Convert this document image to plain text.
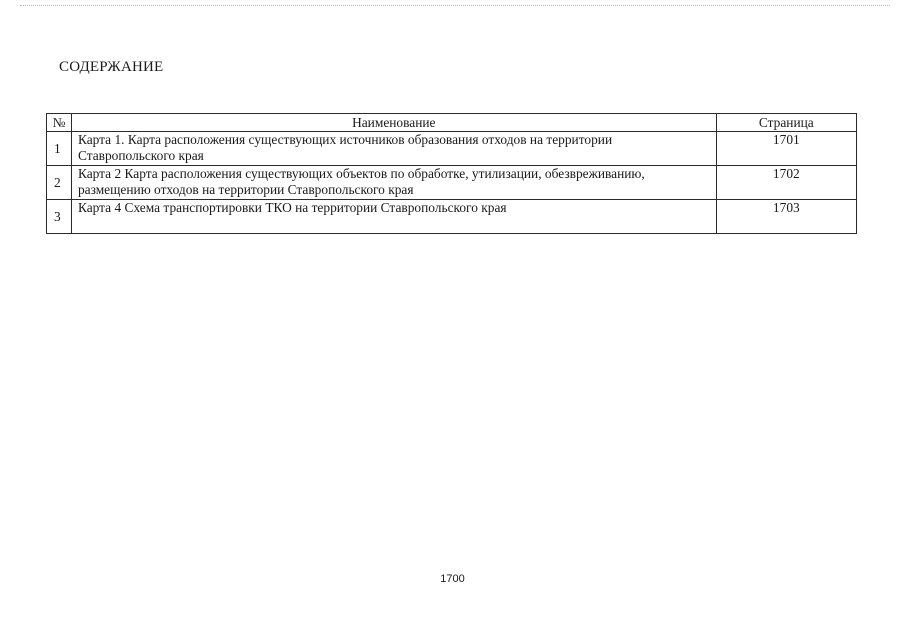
СОДЕРЖАНИЕ
№	Наименование	Страница
1	Карта 1. Карта расположения существующих источников образования отходов на территории Ставропольского края	1701
2	Карта 2 Карта расположения существующих объектов по обработке, утилизации, обезвреживанию, размещению отходов на территории Ставропольского края	1702
3	Карта 4 Схема транспортировки ТКО на территории Ставропольского края	1703
1700
